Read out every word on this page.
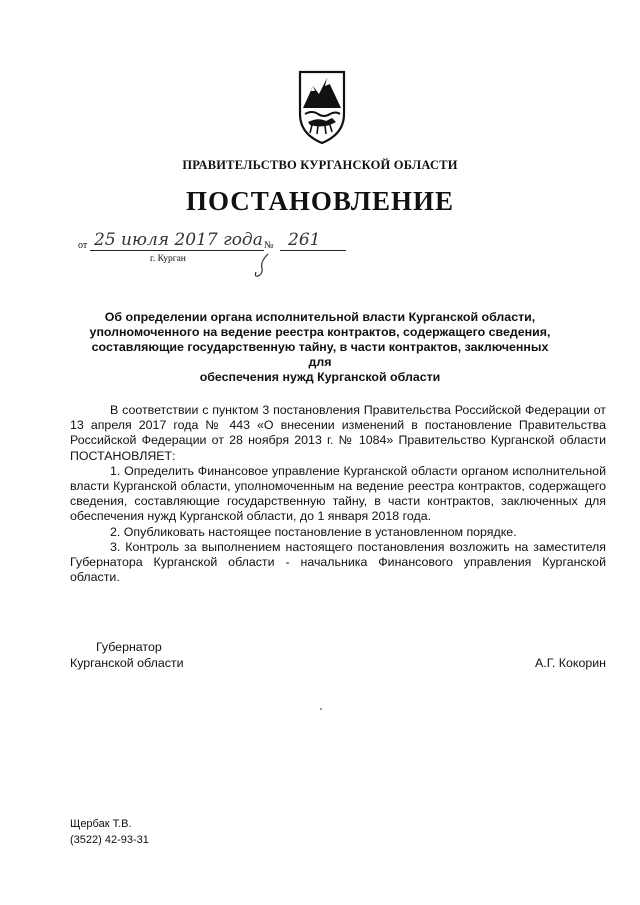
ПРАВИТЕЛЬСТВО КУРГАНСКОЙ ОБЛАСТИ
ПОСТАНОВЛЕНИЕ
от 25 июля 2017 года № 261
г. Курган
Об определении органа исполнительной власти Курганской области,
уполномоченного на ведение реестра контрактов, содержащего сведения,
составляющие государственную тайну, в части контрактов, заключенных для
обеспечения нужд Курганской области

В соответствии с пунктом 3 постановления Правительства Российской Федерации от 13 апреля 2017 года № 443 «О внесении изменений в постановление Правительства Российской Федерации от 28 ноября 2013 г. № 1084» Правительство Курганской области ПОСТАНОВЛЯЕТ:

1. Определить Финансовое управление Курганской области органом исполнительной власти Курганской области, уполномоченным на ведение реестра контрактов, содержащего сведения, составляющие государственную тайну, в части контрактов, заключенных для обеспечения нужд Курганской области, до 1 января 2018 года.

2. Опубликовать настоящее постановление в установленном порядке.

3. Контроль за выполнением настоящего постановления возложить на заместителя Губернатора Курганской области - начальника Финансового управления Курганской области.

Губернатор
Курганской области	А.Г. Кокорин
Щербак Т.В.
(3522) 42-93-31
